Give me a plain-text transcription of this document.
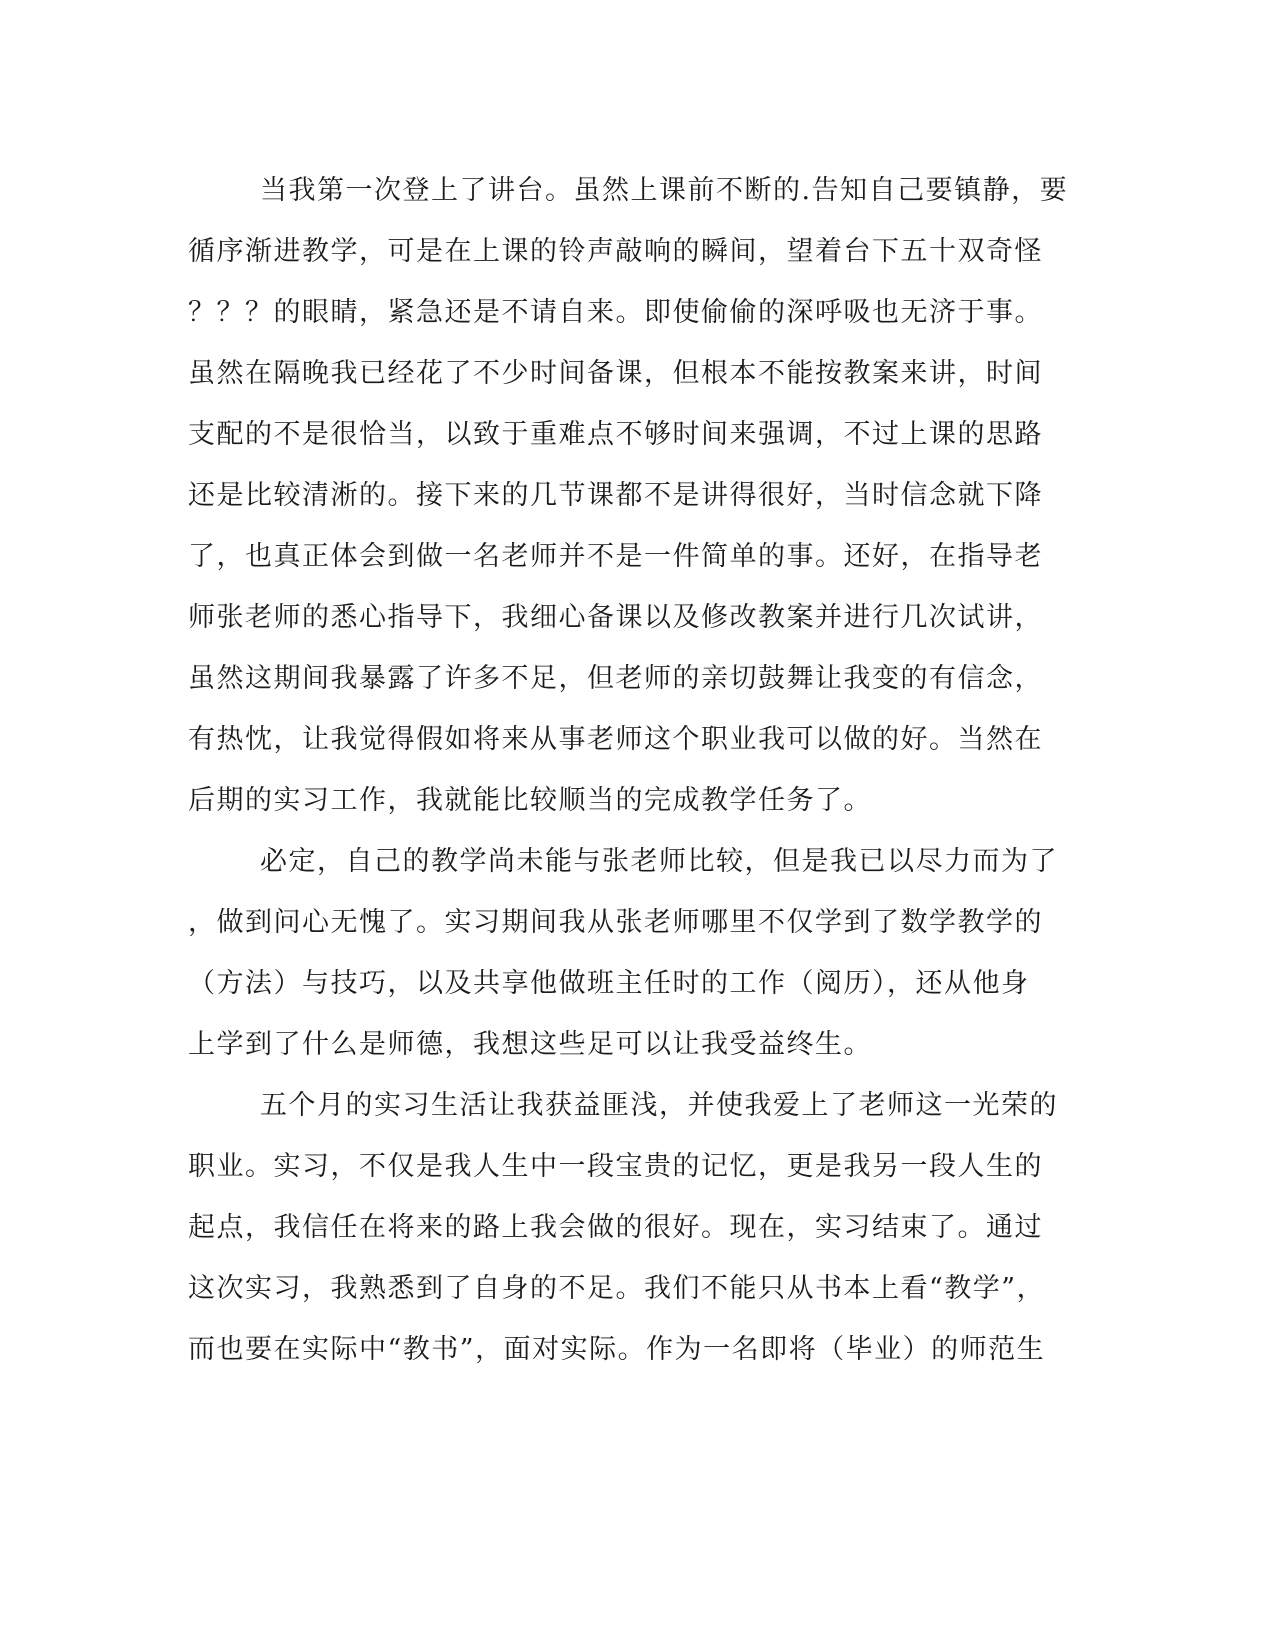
当我第一次登上了讲台。虽然上课前不断的.告知自己要镇静，要
循序渐进教学，可是在上课的铃声敲响的瞬间，望着台下五十双奇怪
？？？的眼睛，紧急还是不请自来。即使偷偷的深呼吸也无济于事。
虽然在隔晚我已经花了不少时间备课，但根本不能按教案来讲，时间
支配的不是很恰当，以致于重难点不够时间来强调，不过上课的思路
还是比较清淅的。接下来的几节课都不是讲得很好，当时信念就下降
了，也真正体会到做一名老师并不是一件简单的事。还好，在指导老
师张老师的悉心指导下，我细心备课以及修改教案并进行几次试讲，
虽然这期间我暴露了许多不足，但老师的亲切鼓舞让我变的有信念，
有热忱，让我觉得假如将来从事老师这个职业我可以做的好。当然在
后期的实习工作，我就能比较顺当的完成教学任务了。
必定，自己的教学尚未能与张老师比较，但是我已以尽力而为了
，做到问心无愧了。实习期间我从张老师哪里不仅学到了数学教学的
（方法）与技巧，以及共享他做班主任时的工作（阅历），还从他身
上学到了什么是师德，我想这些足可以让我受益终生。
五个月的实习生活让我获益匪浅，并使我爱上了老师这一光荣的
职业。实习，不仅是我人生中一段宝贵的记忆，更是我另一段人生的
起点，我信任在将来的路上我会做的很好。现在，实习结束了。通过
这次实习，我熟悉到了自身的不足。我们不能只从书本上看“教学”，
而也要在实际中“教书”，面对实际。作为一名即将（毕业）的师范生
